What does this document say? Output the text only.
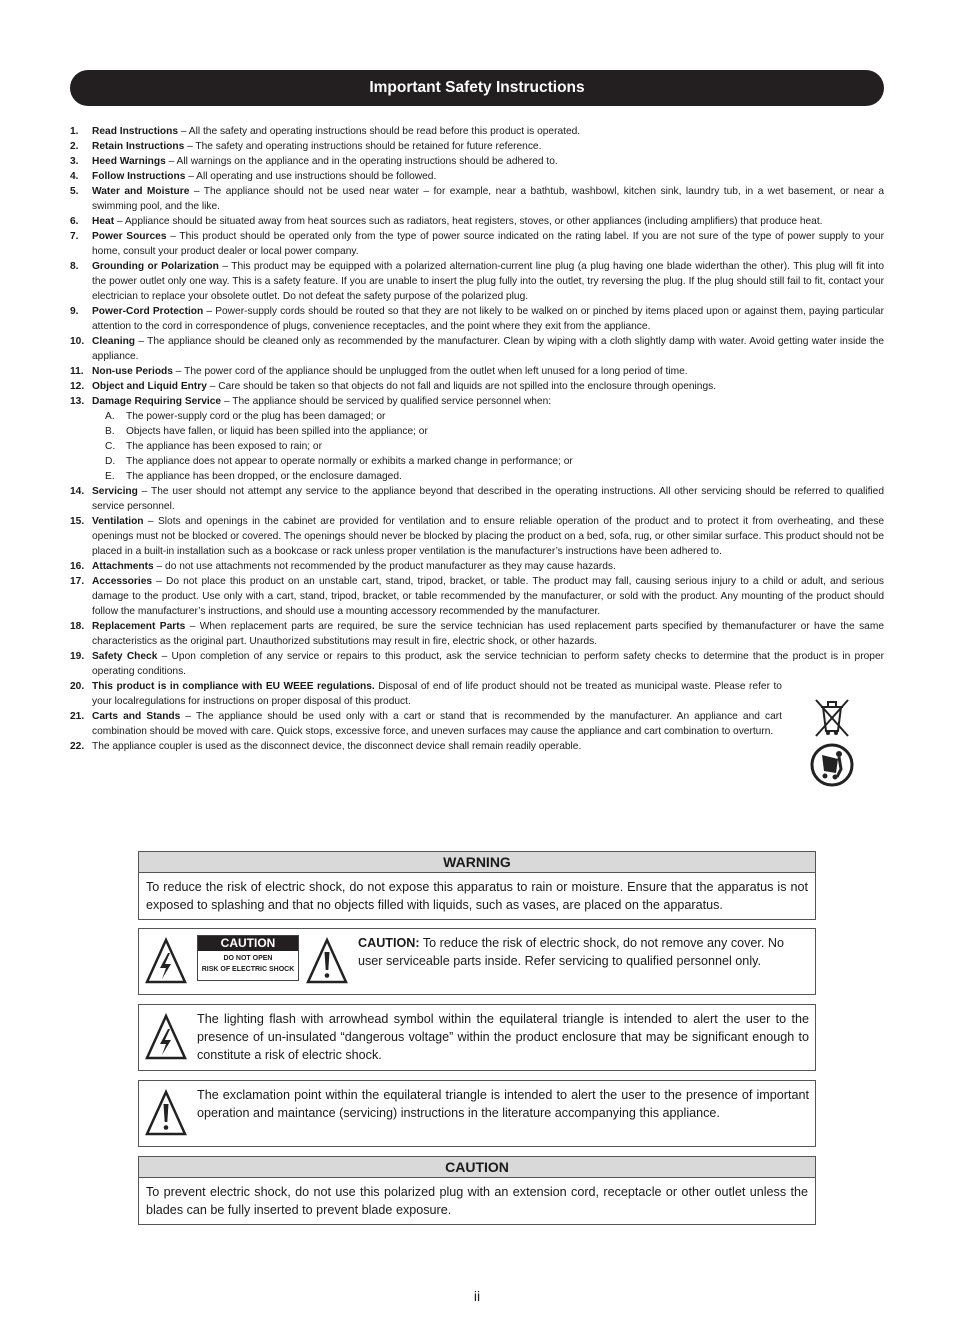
Important Safety Instructions
1. Read Instructions – All the safety and operating instructions should be read before this product is operated.
2. Retain Instructions – The safety and operating instructions should be retained for future reference.
3. Heed Warnings – All warnings on the appliance and in the operating instructions should be adhered to.
4. Follow Instructions – All operating and use instructions should be followed.
5. Water and Moisture – The appliance should not be used near water – for example, near a bathtub, washbowl, kitchen sink, laundry tub, in a wet basement, or near a swimming pool, and the like.
6. Heat – Appliance should be situated away from heat sources such as radiators, heat registers, stoves, or other appliances (including amplifiers) that produce heat.
7. Power Sources – This product should be operated only from the type of power source indicated on the rating label. If you are not sure of the type of power supply to your home, consult your product dealer or local power company.
8. Grounding or Polarization – This product may be equipped with a polarized alternation-current line plug (a plug having one blade widerthan the other). This plug will fit into the power outlet only one way. This is a safety feature. If you are unable to insert the plug fully into the outlet, try reversing the plug. If the plug should still fail to fit, contact your electrician to replace your obsolete outlet. Do not defeat the safety purpose of the polarized plug.
9. Power-Cord Protection – Power-supply cords should be routed so that they are not likely to be walked on or pinched by items placed upon or against them, paying particular attention to the cord in correspondence of plugs, convenience receptacles, and the point where they exit from the appliance.
10. Cleaning – The appliance should be cleaned only as recommended by the manufacturer. Clean by wiping with a cloth slightly damp with water. Avoid getting water inside the appliance.
11. Non-use Periods – The power cord of the appliance should be unplugged from the outlet when left unused for a long period of time.
12. Object and Liquid Entry – Care should be taken so that objects do not fall and liquids are not spilled into the enclosure through openings.
13. Damage Requiring Service – The appliance should be serviced by qualified service personnel when:
A. The power-supply cord or the plug has been damaged; or
B. Objects have fallen, or liquid has been spilled into the appliance; or
C. The appliance has been exposed to rain; or
D. The appliance does not appear to operate normally or exhibits a marked change in performance; or
E. The appliance has been dropped, or the enclosure damaged.
14. Servicing – The user should not attempt any service to the appliance beyond that described in the operating instructions. All other servicing should be referred to qualified service personnel.
15. Ventilation – Slots and openings in the cabinet are provided for ventilation and to ensure reliable operation of the product and to protect it from overheating, and these openings must not be blocked or covered. The openings should never be blocked by placing the product on a bed, sofa, rug, or other similar surface. This product should not be placed in a built-in installation such as a bookcase or rack unless proper ventilation is the manufacturer’s instructions have been adhered to.
16. Attachments – do not use attachments not recommended by the product manufacturer as they may cause hazards.
17. Accessories – Do not place this product on an unstable cart, stand, tripod, bracket, or table. The product may fall, causing serious injury to a child or adult, and serious damage to the product. Use only with a cart, stand, tripod, bracket, or table recommended by the manufacturer, or sold with the product. Any mounting of the product should follow the manufacturer’s instructions, and should use a mounting accessory recommended by the manufacturer.
18. Replacement Parts – When replacement parts are required, be sure the service technician has used replacement parts specified by themanufacturer or have the same characteristics as the original part. Unauthorized substitutions may result in fire, electric shock, or other hazards.
19. Safety Check – Upon completion of any service or repairs to this product, ask the service technician to perform safety checks to determine that the product is in proper operating conditions.
20. This product is in compliance with EU WEEE regulations. Disposal of end of life product should not be treated as municipal waste. Please refer to your localregulations for instructions on proper disposal of this product.
21. Carts and Stands – The appliance should be used only with a cart or stand that is recommended by the manufacturer. An appliance and cart combination should be moved with care. Quick stops, excessive force, and uneven surfaces may cause the appliance and cart combination to overturn.
22. The appliance coupler is used as the disconnect device, the disconnect device shall remain readily operable.
WARNING
To reduce the risk of electric shock, do not expose this apparatus to rain or moisture. Ensure that the apparatus is not exposed to splashing and that no objects filled with liquids, such as vases, are placed on the apparatus.
CAUTION
DO NOT OPEN
RISK OF ELECTRIC SHOCK
CAUTION: To reduce the risk of electric shock, do not remove any cover. No user serviceable parts inside. Refer servicing to qualified personnel only.
The lighting flash with arrowhead symbol within the equilateral triangle is intended to alert the user to the presence of un-insulated “dangerous voltage” within the product enclosure that may be significant enough to constitute a risk of electric shock.
The exclamation point within the equilateral triangle is intended to alert the user to the presence of important operation and maintance (servicing) instructions in the literature accompanying this appliance.
CAUTION
To prevent electric shock, do not use this polarized plug with an extension cord, receptacle or other outlet unless the blades can be fully inserted to prevent blade exposure.
ii
